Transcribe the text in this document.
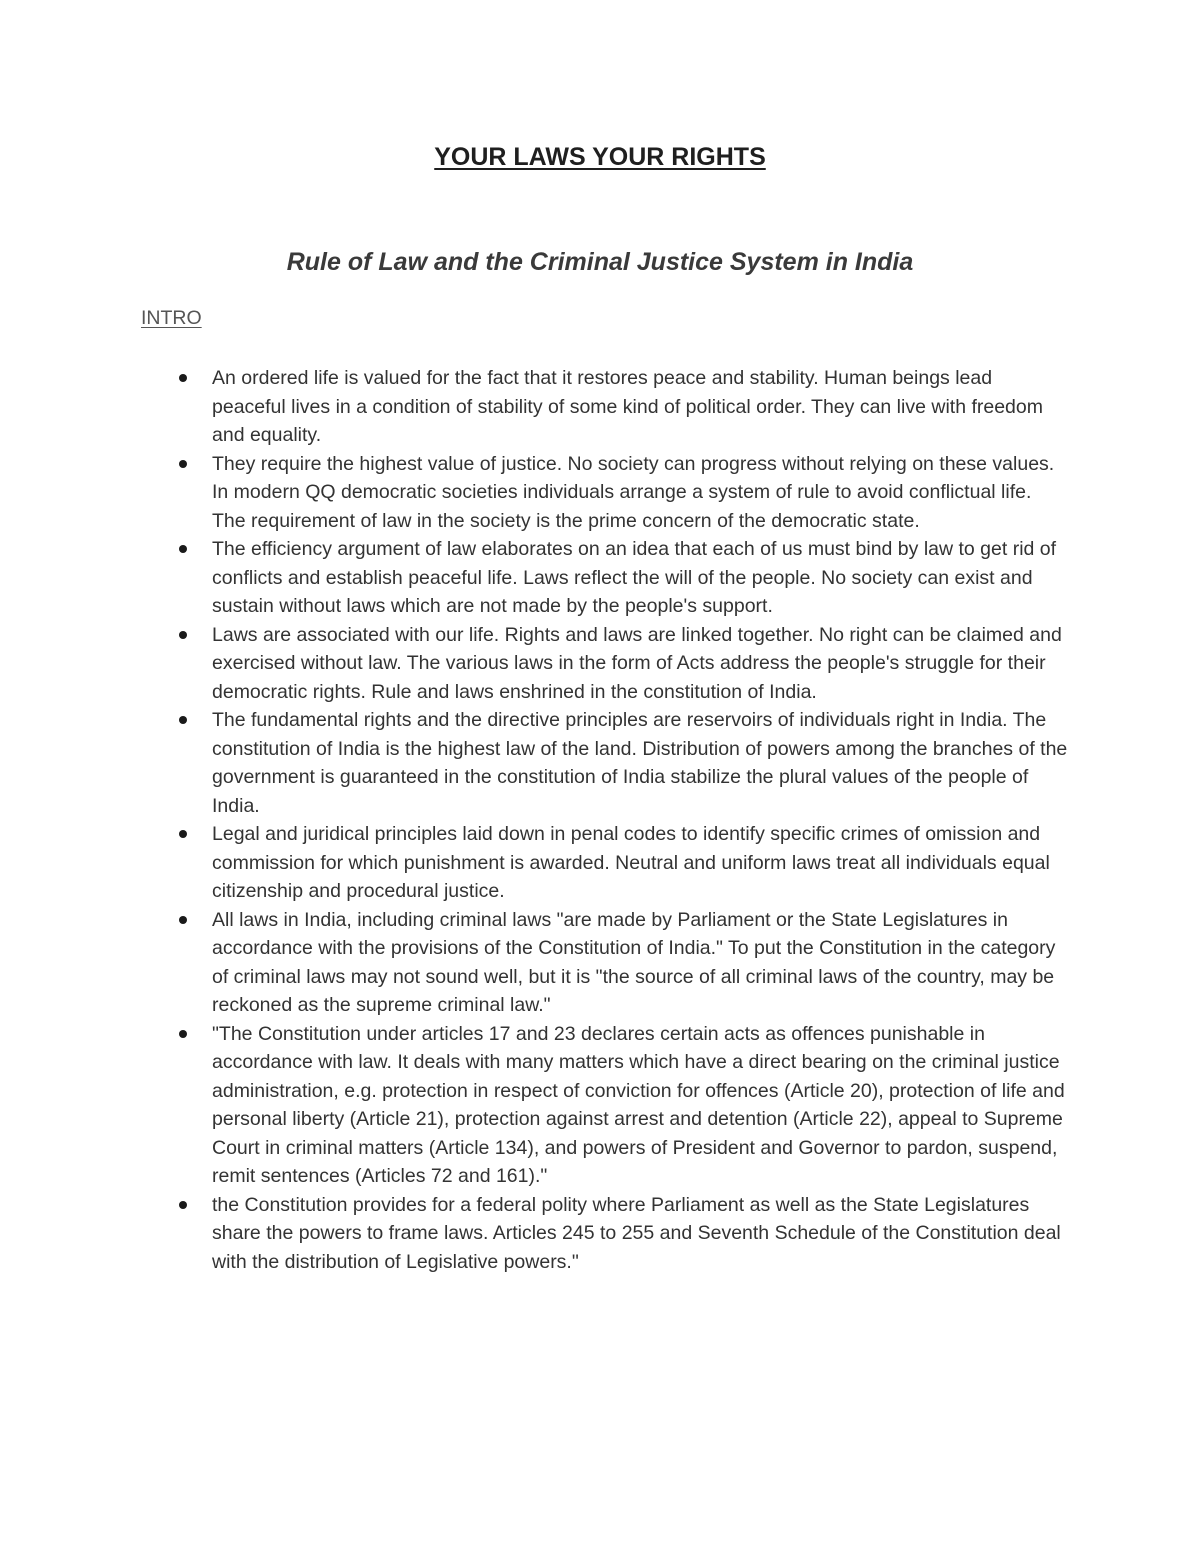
YOUR LAWS YOUR RIGHTS
Rule of Law and the Criminal Justice System in India
INTRO
An ordered life is valued for the fact that it restores peace and stability. Human beings lead peaceful lives in a condition of stability of some kind of political order. They can live with freedom and equality.
They require the highest value of justice. No society can progress without relying on these values. In modern QQ democratic societies individuals arrange a system of rule to avoid conflictual life. The requirement of law in the society is the prime concern of the democratic state.
The efficiency argument of law elaborates on an idea that each of us must bind by law to get rid of conflicts and establish peaceful life. Laws reflect the will of the people. No society can exist and sustain without laws which are not made by the people's support.
Laws are associated with our life. Rights and laws are linked together. No right can be claimed and exercised without law. The various laws in the form of Acts address the people's struggle for their democratic rights. Rule and laws enshrined in the constitution of India.
The fundamental rights and the directive principles are reservoirs of individuals right in India. The constitution of India is the highest law of the land. Distribution of powers among the branches of the government is guaranteed in the constitution of India stabilize the plural values of the people of India.
Legal and juridical principles laid down in penal codes to identify specific crimes of omission and commission for which punishment is awarded. Neutral and uniform laws treat all individuals equal citizenship and procedural justice.
All laws in India, including criminal laws "are made by Parliament or the State Legislatures in accordance with the provisions of the Constitution of India." To put the Constitution in the category of criminal laws may not sound well, but it is "the source of all criminal laws of the country, may be reckoned as the supreme criminal law."
"The Constitution under articles 17 and 23 declares certain acts as offences punishable in accordance with law. It deals with many matters which have a direct bearing on the criminal justice administration, e.g. protection in respect of conviction for offences (Article 20), protection of life and personal liberty (Article 21), protection against arrest and detention (Article 22), appeal to Supreme Court in criminal matters (Article 134), and powers of President and Governor to pardon, suspend, remit sentences (Articles 72 and 161)."
the Constitution provides for a federal polity where Parliament as well as the State Legislatures share the powers to frame laws. Articles 245 to 255 and Seventh Schedule of the Constitution deal with the distribution of Legislative powers."
